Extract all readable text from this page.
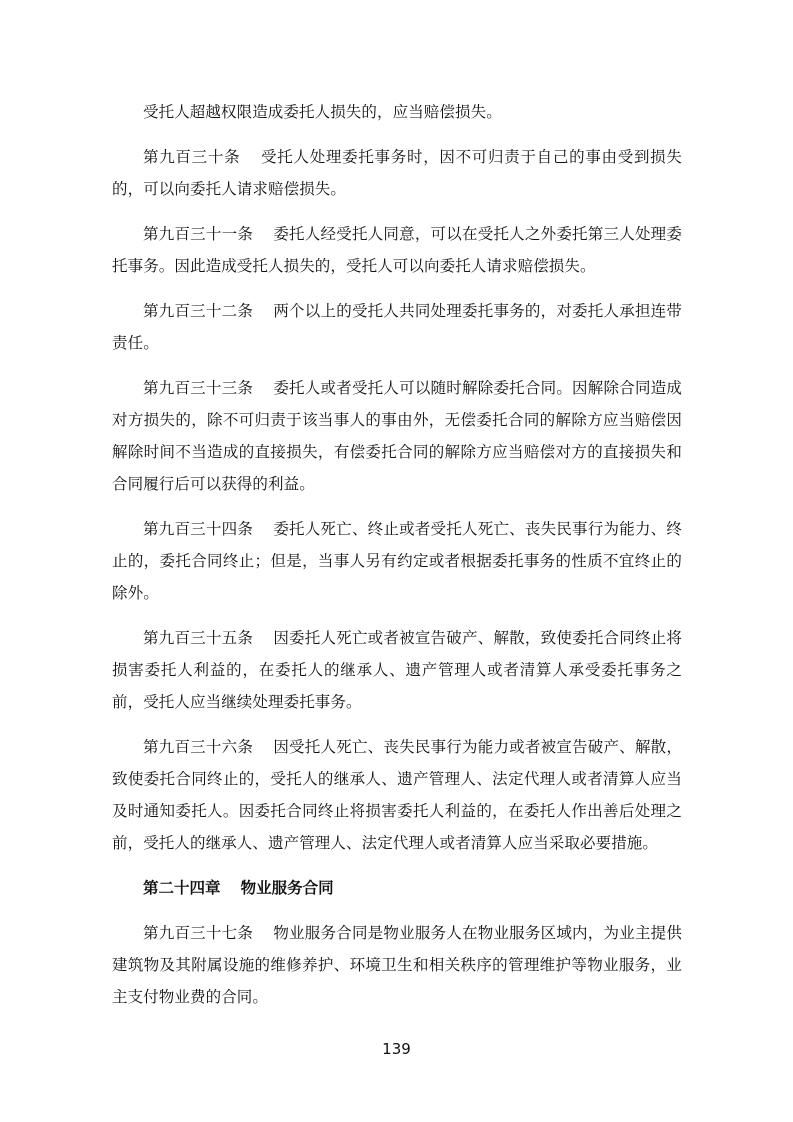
受托人超越权限造成委托人损失的，应当赔偿损失。

第九百三十条 受托人处理委托事务时，因不可归责于自己的事由受到损失的，可以向委托人请求赔偿损失。

第九百三十一条 委托人经受托人同意，可以在受托人之外委托第三人处理委托事务。因此造成受托人损失的，受托人可以向委托人请求赔偿损失。

第九百三十二条 两个以上的受托人共同处理委托事务的，对委托人承担连带责任。

第九百三十三条 委托人或者受托人可以随时解除委托合同。因解除合同造成对方损失的，除不可归责于该当事人的事由外，无偿委托合同的解除方应当赔偿因解除时间不当造成的直接损失，有偿委托合同的解除方应当赔偿对方的直接损失和合同履行后可以获得的利益。

第九百三十四条 委托人死亡、终止或者受托人死亡、丧失民事行为能力、终止的，委托合同终止；但是，当事人另有约定或者根据委托事务的性质不宜终止的除外。

第九百三十五条 因委托人死亡或者被宣告破产、解散，致使委托合同终止将损害委托人利益的，在委托人的继承人、遗产管理人或者清算人承受委托事务之前，受托人应当继续处理委托事务。

第九百三十六条 因受托人死亡、丧失民事行为能力或者被宣告破产、解散，致使委托合同终止的，受托人的继承人、遗产管理人、法定代理人或者清算人应当及时通知委托人。因委托合同终止将损害委托人利益的，在委托人作出善后处理之前，受托人的继承人、遗产管理人、法定代理人或者清算人应当采取必要措施。

第二十四章 物业服务合同

第九百三十七条 物业服务合同是物业服务人在物业服务区域内，为业主提供建筑物及其附属设施的维修养护、环境卫生和相关秩序的管理维护等物业服务，业主支付物业费的合同。

139
